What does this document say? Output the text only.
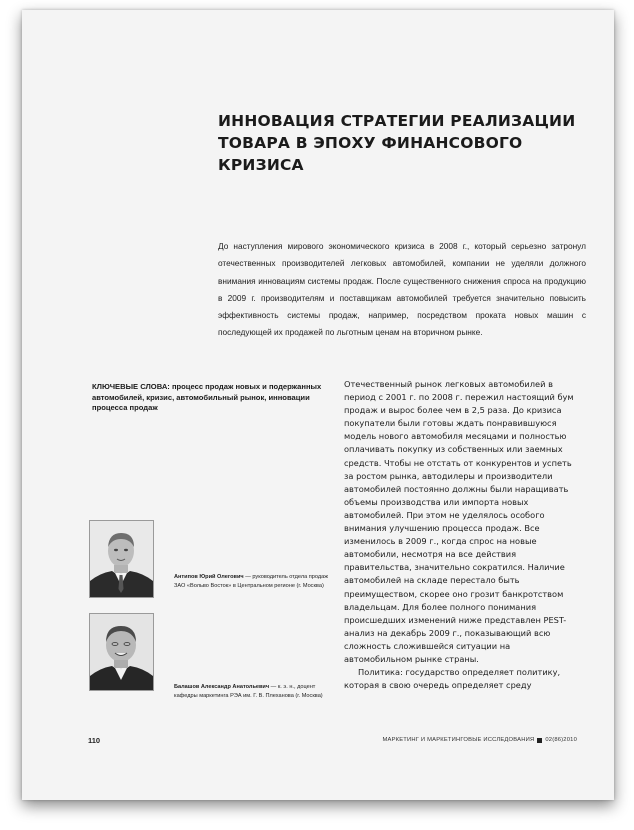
ИННОВАЦИЯ СТРАТЕГИИ РЕАЛИЗАЦИИ ТОВАРА В ЭПОХУ ФИНАНСОВОГО КРИЗИСА

До наступления мирового экономического кризиса в 2008 г., который серьезно затронул отечественных производителей легковых автомобилей, компании не уделяли должного внимания инновациям системы продаж. После существенного снижения спроса на продукцию в 2009 г. производителям и поставщикам автомобилей требуется значительно повысить эффективность системы продаж, например, посредством проката новых машин с последующей их продажей по льготным ценам на вторичном рынке.

КЛЮЧЕВЫЕ СЛОВА: процесс продаж новых и подержанных автомобилей, кризис, автомобильный рынок, инновации процесса продаж

Отечественный рынок легковых автомобилей в период с 2001 г. по 2008 г. пережил настоящий бум продаж и вырос более чем в 2,5 раза. До кризиса покупатели были готовы ждать понравившуюся модель нового автомобиля месяцами и полностью оплачивать покупку из собственных или заемных средств. Чтобы не отстать от конкурентов и успеть за ростом рынка, автодилеры и производители автомобилей постоянно должны были наращивать объемы производства или импорта новых автомобилей. При этом не уделялось особого внимания улучшению процесса продаж. Все изменилось в 2009 г., когда спрос на новые автомобили, несмотря на все действия правительства, значительно сократился. Наличие автомобилей на складе перестало быть преимуществом, скорее оно грозит банкротством владельцам. Для более полного понимания происшедших изменений ниже представлен PEST-анализ на декабрь 2009 г., показывающий всю сложность сложившейся ситуации на автомобильном рынке страны.

Политика: государство определяет политику, которая в свою очередь определяет среду

Антипов Юрий Олегович — руководитель отдела продаж ЗАО «Вольво Восток» в Центральном регионе (г. Москва)
Балашов Александр Анатольевич — к. э. н., доцент кафедры маркетинга РЭА им. Г. В. Плеханова (г. Москва)
110	МАРКЕТИНГ И МАРКЕТИНГОВЫЕ ИССЛЕДОВАНИЯ 02(86)2010
